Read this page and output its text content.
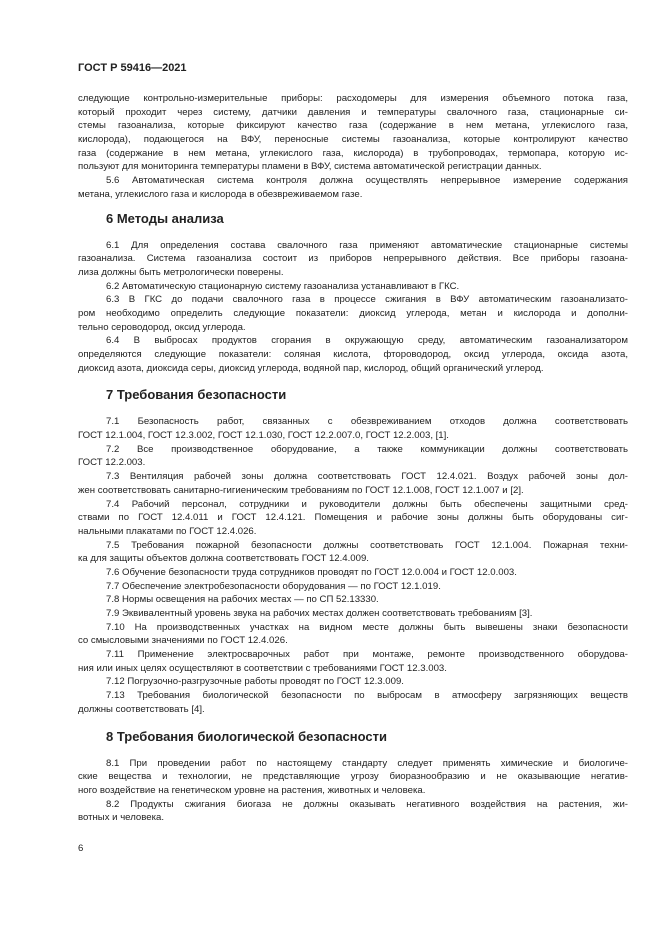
ГОСТ Р 59416—2021
следующие контрольно-измерительные приборы: расходомеры для измерения объемного потока газа,
который проходит через систему, датчики давления и температуры свалочного газа, стационарные си-
стемы газоанализа, которые фиксируют качество газа (содержание в нем метана, углекислого газа,
кислорода), подающегося на ВФУ, переносные системы газоанализа, которые контролируют качество
газа (содержание в нем метана, углекислого газа, кислорода) в трубопроводах, термопара, которую ис-
пользуют для мониторинга температуры пламени в ВФУ, система автоматической регистрации данных.
5.6 Автоматическая система контроля должна осуществлять непрерывное измерение содержания
метана, углекислого газа и кислорода в обезвреживаемом газе.
6 Методы анализа
6.1 Для определения состава свалочного газа применяют автоматические стационарные системы
газоанализа. Система газоанализа состоит из приборов непрерывного действия. Все приборы газоана-
лиза должны быть метрологически поверены.
6.2 Автоматическую стационарную систему газоанализа устанавливают в ГКС.
6.3 В ГКС до подачи свалочного газа в процессе сжигания в ВФУ автоматическим газоанализато-
ром необходимо определить следующие показатели: диоксид углерода, метан и кислорода и дополни-
тельно сероводород, оксид углерода.
6.4 В выбросах продуктов сгорания в окружающую среду, автоматическим газоанализатором
определяются следующие показатели: соляная кислота, фтороводород, оксид углерода, оксида азота,
диоксид азота, диоксида серы, диоксид углерода, водяной пар, кислород, общий органический углерод.
7 Требования безопасности
7.1 Безопасность работ, связанных с обезвреживанием отходов должна соответствовать
ГОСТ 12.1.004, ГОСТ 12.3.002, ГОСТ 12.1.030, ГОСТ 12.2.007.0, ГОСТ 12.2.003, [1].
7.2 Все производственное оборудование, а также коммуникации должны соответствовать
ГОСТ 12.2.003.
7.3 Вентиляция рабочей зоны должна соответствовать ГОСТ 12.4.021. Воздух рабочей зоны дол-
жен соответствовать санитарно-гигиеническим требованиям по ГОСТ 12.1.008, ГОСТ 12.1.007 и [2].
7.4 Рабочий персонал, сотрудники и руководители должны быть обеспечены защитными сред-
ствами по ГОСТ 12.4.011 и ГОСТ 12.4.121. Помещения и рабочие зоны должны быть оборудованы сиг-
нальными плакатами по ГОСТ 12.4.026.
7.5 Требования пожарной безопасности должны соответствовать ГОСТ 12.1.004. Пожарная техни-
ка для защиты объектов должна соответствовать ГОСТ 12.4.009.
7.6 Обучение безопасности труда сотрудников проводят по ГОСТ 12.0.004 и ГОСТ 12.0.003.
7.7 Обеспечение электробезопасности оборудования — по ГОСТ 12.1.019.
7.8 Нормы освещения на рабочих местах — по СП 52.13330.
7.9 Эквивалентный уровень звука на рабочих местах должен соответствовать требованиям [3].
7.10 На производственных участках на видном месте должны быть вывешены знаки безопасности
со смысловыми значениями по ГОСТ 12.4.026.
7.11 Применение электросварочных работ при монтаже, ремонте производственного оборудова-
ния или иных целях осуществляют в соответствии с требованиями ГОСТ 12.3.003.
7.12 Погрузочно-разгрузочные работы проводят по ГОСТ 12.3.009.
7.13 Требования биологической безопасности по выбросам в атмосферу загрязняющих веществ
должны соответствовать [4].
8 Требования биологической безопасности
8.1 При проведении работ по настоящему стандарту следует применять химические и биологиче-
ские вещества и технологии, не представляющие угрозу биоразнообразию и не оказывающие негатив-
ного воздействие на генетическом уровне на растения, животных и человека.
8.2 Продукты сжигания биогаза не должны оказывать негативного воздействия на растения, жи-
вотных и человека.
6
